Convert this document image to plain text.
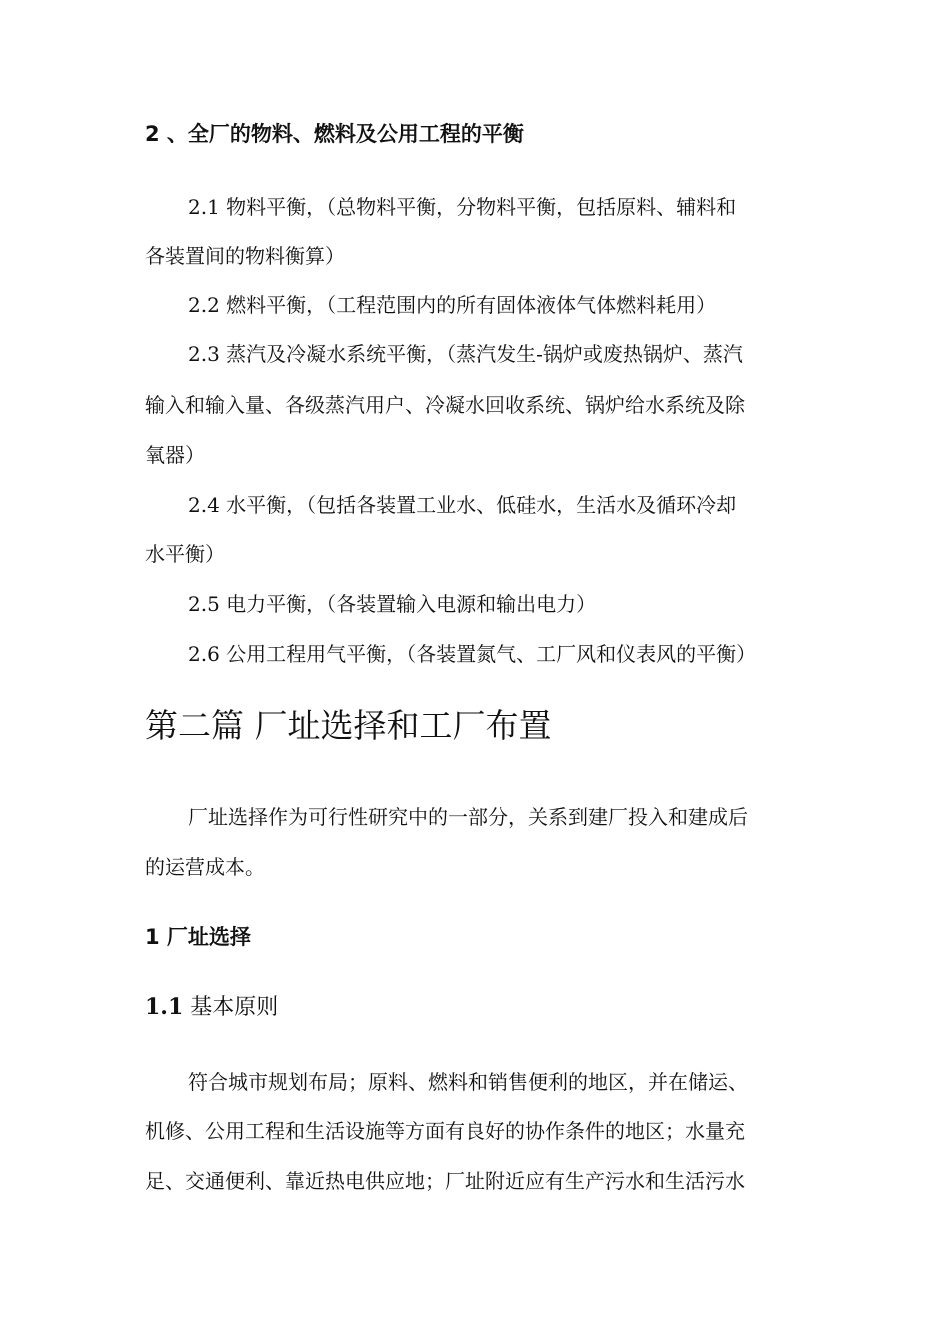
2 、全厂的物料、燃料及公用工程的平衡
2.1 物料平衡，（总物料平衡，分物料平衡，包括原料、辅料和
各装置间的物料衡算）
2.2 燃料平衡，（工程范围内的所有固体液体气体燃料耗用）
2.3 蒸汽及冷凝水系统平衡，（蒸汽发生-锅炉或废热锅炉、蒸汽
输入和输入量、各级蒸汽用户、冷凝水回收系统、锅炉给水系统及除
氧器）
2.4 水平衡，（包括各装置工业水、低硅水，生活水及循环冷却
水平衡）
2.5 电力平衡，（各装置输入电源和输出电力）
2.6 公用工程用气平衡，（各装置氮气、工厂风和仪表风的平衡）
第二篇 厂址选择和工厂布置
厂址选择作为可行性研究中的一部分，关系到建厂投入和建成后
的运营成本。
1 厂址选择
1.1 基本原则
符合城市规划布局；原料、燃料和销售便利的地区，并在储运、
机修、公用工程和生活设施等方面有良好的协作条件的地区；水量充
足、交通便利、靠近热电供应地；厂址附近应有生产污水和生活污水
